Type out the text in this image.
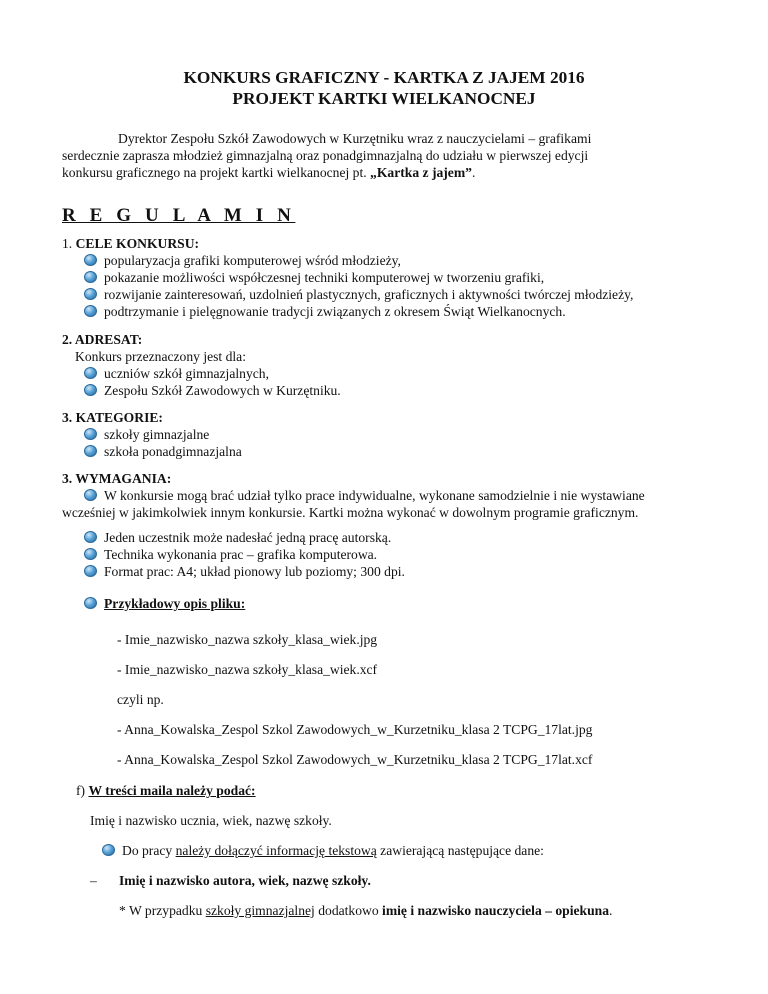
KONKURS GRAFICZNY - KARTKA Z JAJEM 2016
PROJEKT KARTKI WIELKANOCNEJ
Dyrektor Zespołu Szkół Zawodowych w Kurzętniku wraz z nauczycielami – grafikami
serdecznie zaprasza młodzież gimnazjalną oraz ponadgimnazjalną do udziału w pierwszej edycji
konkursu graficznego na projekt kartki wielkanocnej pt. „Kartka z jajem”.
R E G U L A M I N
1. CELE KONKURSU:
popularyzacja grafiki komputerowej wśród młodzieży,
pokazanie możliwości współczesnej techniki komputerowej w tworzeniu grafiki,
rozwijanie zainteresowań, uzdolnień plastycznych, graficznych i aktywności twórczej młodzieży,
podtrzymanie i pielęgnowanie tradycji związanych z okresem Świąt Wielkanocnych.
2. ADRESAT:
Konkurs przeznaczony jest dla:
uczniów szkół gimnazjalnych,
Zespołu Szkół Zawodowych w Kurzętniku.
3. KATEGORIE:
szkoły gimnazjalne
szkoła ponadgimnazjalna
3. WYMAGANIA:
W konkursie mogą brać udział tylko prace indywidualne, wykonane samodzielnie i nie wystawiane
wcześniej w jakimkolwiek innym konkursie. Kartki można wykonać w dowolnym programie graficznym.
Jeden uczestnik może nadesłać jedną pracę autorską.
Technika wykonania prac – grafika komputerowa.
Format prac: A4; układ pionowy lub poziomy; 300 dpi.
Przykładowy opis pliku:
- Imie_nazwisko_nazwa szkoły_klasa_wiek.jpg
- Imie_nazwisko_nazwa szkoły_klasa_wiek.xcf
czyli np.
- Anna_Kowalska_Zespol Szkol Zawodowych_w_Kurzetniku_klasa 2 TCPG_17lat.jpg
- Anna_Kowalska_Zespol Szkol Zawodowych_w_Kurzetniku_klasa 2 TCPG_17lat.xcf
f) W treści maila należy podać:
Imię i nazwisko ucznia, wiek, nazwę szkoły.
Do pracy należy dołączyć informację tekstową zawierającą następujące dane:
– Imię i nazwisko autora, wiek, nazwę szkoły.
* W przypadku szkoły gimnazjalnej dodatkowo imię i nazwisko nauczyciela – opiekuna.
